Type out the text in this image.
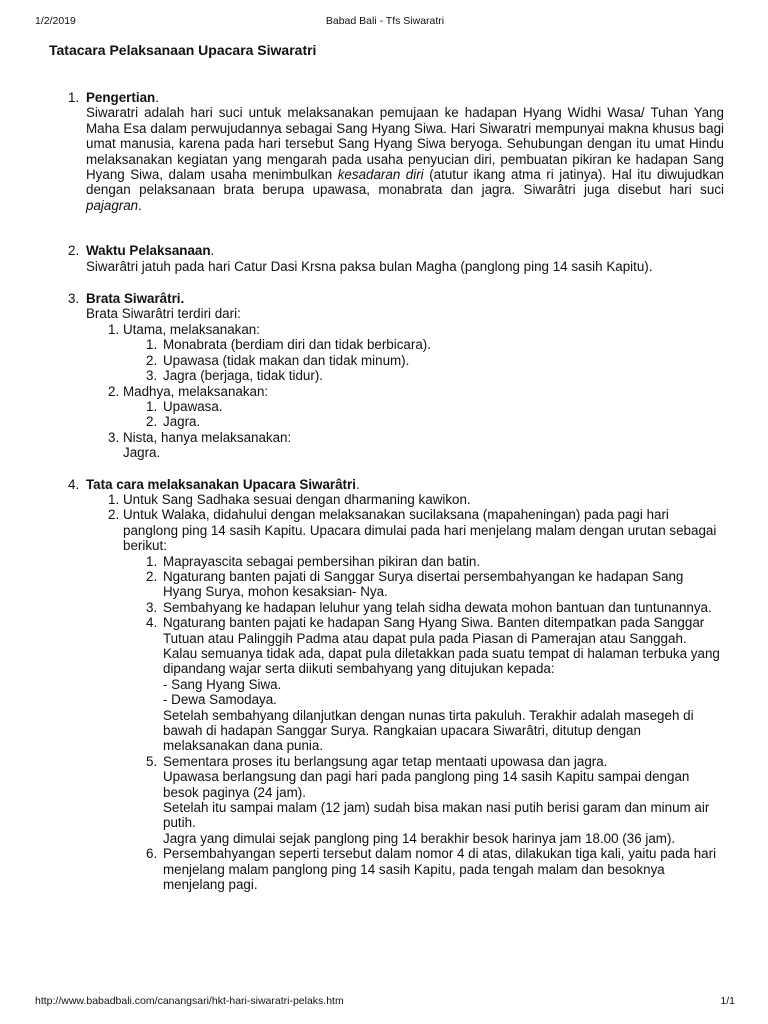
1/2/2019	Babad Bali - Tfs Siwaratri
Tatacara Pelaksanaan Upacara Siwaratri
1. Pengertian.
Siwaratri adalah hari suci untuk melaksanakan pemujaan ke hadapan Hyang Widhi Wasa/ Tuhan Yang Maha Esa dalam perwujudannya sebagai Sang Hyang Siwa. Hari Siwaratri mempunyai makna khusus bagi umat manusia, karena pada hari tersebut Sang Hyang Siwa beryoga. Sehubungan dengan itu umat Hindu melaksanakan kegiatan yang mengarah pada usaha penyucian diri, pembuatan pikiran ke hadapan Sang Hyang Siwa, dalam usaha menimbulkan kesadaran diri (atutur ikang atma ri jatinya). Hal itu diwujudkan dengan pelaksanaan brata berupa upawasa, monabrata dan jagra. Siwarâtri juga disebut hari suci pajagran.
2. Waktu Pelaksanaan.
Siwarâtri jatuh pada hari Catur Dasi Krsna paksa bulan Magha (panglong ping 14 sasih Kapitu).
3. Brata Siwarâtri.
Brata Siwarâtri terdiri dari:
1. Utama, melaksanakan:
1. Monabrata (berdiam diri dan tidak berbicara).
2. Upawasa (tidak makan dan tidak minum).
3. Jagra (berjaga, tidak tidur).
2. Madhya, melaksanakan:
1. Upawasa.
2. Jagra.
3. Nista, hanya melaksanakan:
Jagra.
4. Tata cara melaksanakan Upacara Siwarâtri.
1. Untuk Sang Sadhaka sesuai dengan dharmaning kawikon.
2. Untuk Walaka, didahului dengan melaksanakan sucilaksana (mapaheningan) pada pagi hari panglong ping 14 sasih Kapitu. Upacara dimulai pada hari menjelang malam dengan urutan sebagai berikut:
1. Maprayascita sebagai pembersihan pikiran dan batin.
2. Ngaturang banten pajati di Sanggar Surya disertai persembahyangan ke hadapan Sang Hyang Surya, mohon kesaksian- Nya.
3. Sembahyang ke hadapan leluhur yang telah sidha dewata mohon bantuan dan tuntunannya.
4. Ngaturang banten pajati ke hadapan Sang Hyang Siwa. Banten ditempatkan pada Sanggar Tutuan atau Palinggih Padma atau dapat pula pada Piasan di Pamerajan atau Sanggah. Kalau semuanya tidak ada, dapat pula diletakkan pada suatu tempat di halaman terbuka yang dipandang wajar serta diikuti sembahyang yang ditujukan kepada:
- Sang Hyang Siwa.
- Dewa Samodaya.
Setelah sembahyang dilanjutkan dengan nunas tirta pakuluh. Terakhir adalah masegeh di bawah di hadapan Sanggar Surya. Rangkaian upacara Siwarâtri, ditutup dengan melaksanakan dana punia.
5. Sementara proses itu berlangsung agar tetap mentaati upowasa dan jagra.
Upawasa berlangsung dan pagi hari pada panglong ping 14 sasih Kapitu sampai dengan besok paginya (24 jam).
Setelah itu sampai malam (12 jam) sudah bisa makan nasi putih berisi garam dan minum air putih.
Jagra yang dimulai sejak panglong ping 14 berakhir besok harinya jam 18.00 (36 jam).
6. Persembahyangan seperti tersebut dalam nomor 4 di atas, dilakukan tiga kali, yaitu pada hari menjelang malam panglong ping 14 sasih Kapitu, pada tengah malam dan besoknya menjelang pagi.
http://www.babadbali.com/canangsari/hkt-hari-siwaratri-pelaks.htm	1/1
